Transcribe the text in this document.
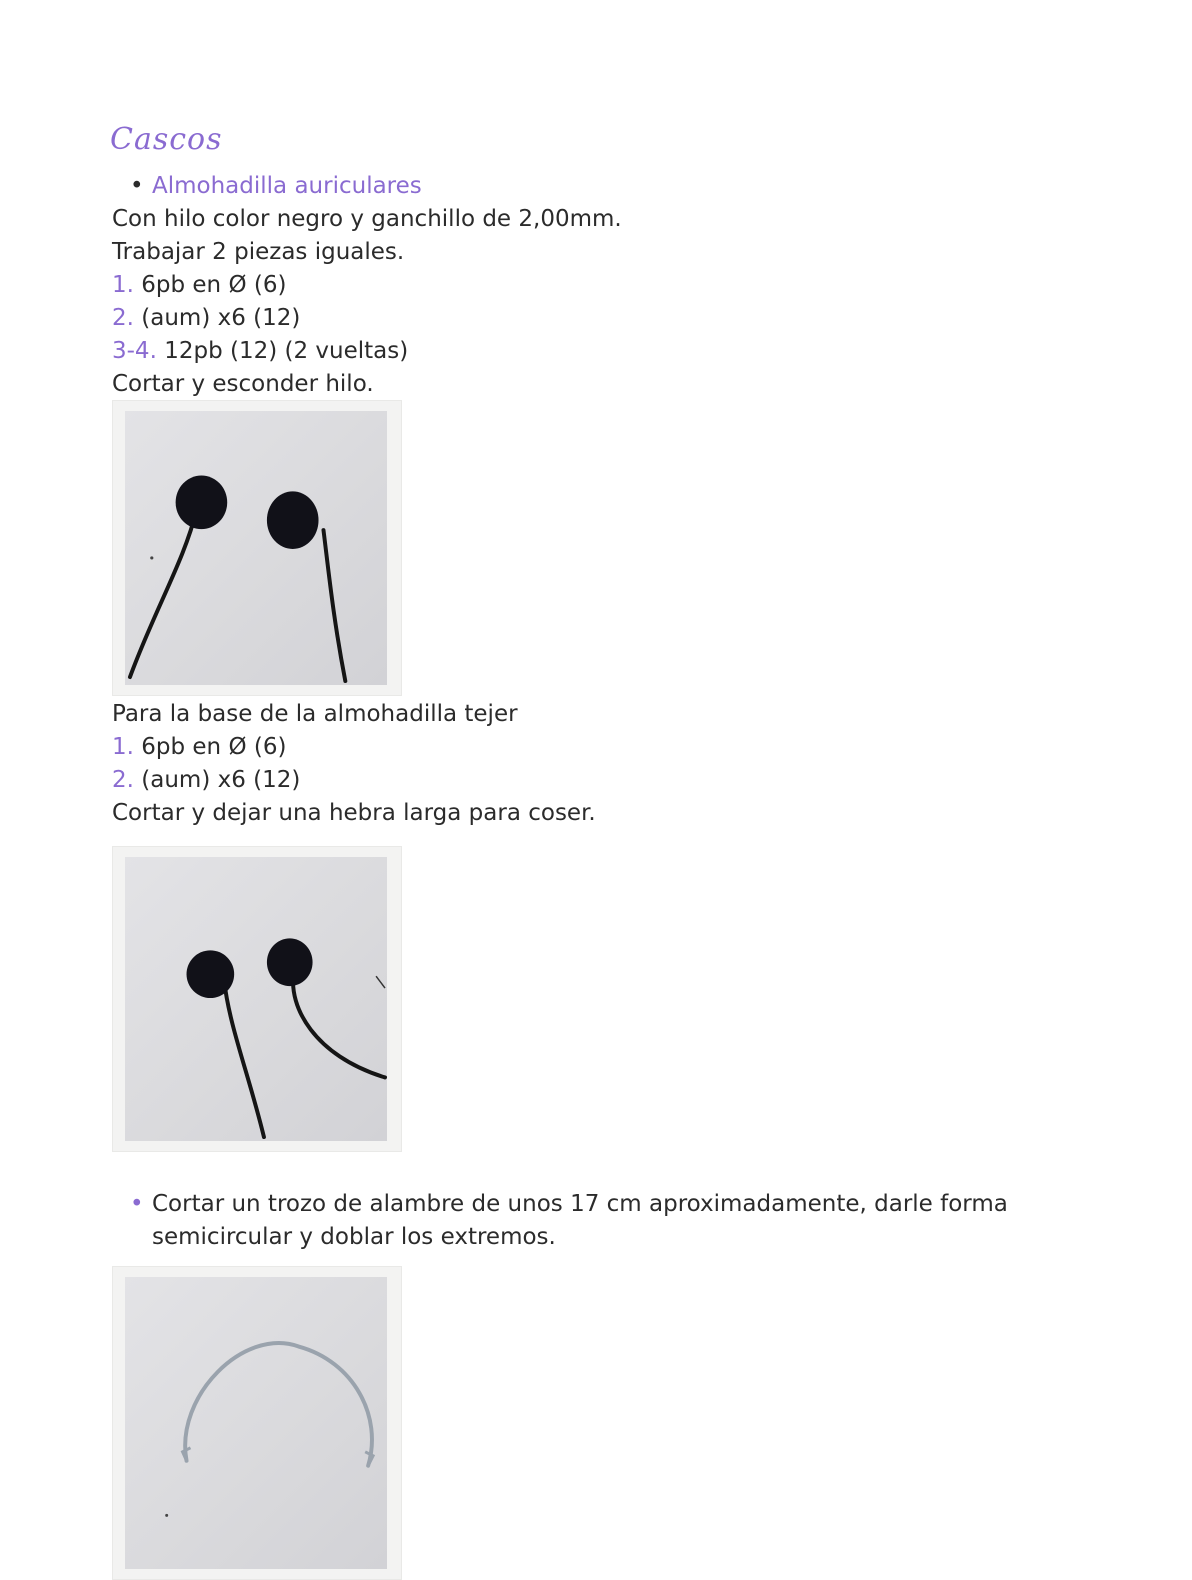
Cascos
• Almohadilla auriculares
Con hilo color negro y ganchillo de 2,00mm.
Trabajar 2 piezas iguales.
1. 6pb en Ø (6)
2. (aum) x6 (12)
3-4. 12pb (12) (2 vueltas)
Cortar y esconder hilo.
Para la base de la almohadilla tejer
1. 6pb en Ø (6)
2. (aum) x6 (12)
Cortar y dejar una hebra larga para coser.
• Cortar un trozo de alambre de unos 17 cm aproximadamente, darle forma semicircular y doblar los extremos.
